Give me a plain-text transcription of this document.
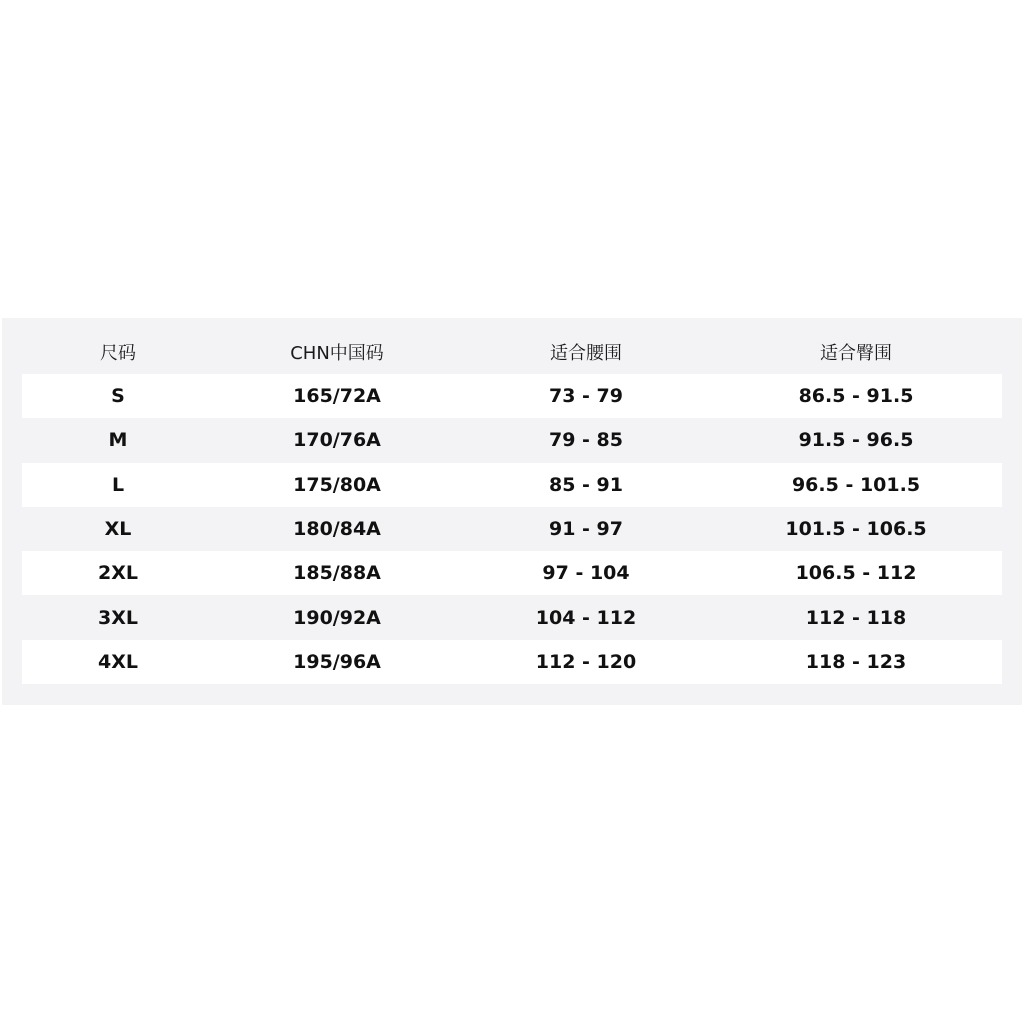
尺码	CHN中国码	适合腰围	适合臀围
S	165/72A	73 - 79	86.5 - 91.5
M	170/76A	79 - 85	91.5 - 96.5
L	175/80A	85 - 91	96.5 - 101.5
XL	180/84A	91 - 97	101.5 - 106.5
2XL	185/88A	97 - 104	106.5 - 112
3XL	190/92A	104 - 112	112 - 118
4XL	195/96A	112 - 120	118 - 123
